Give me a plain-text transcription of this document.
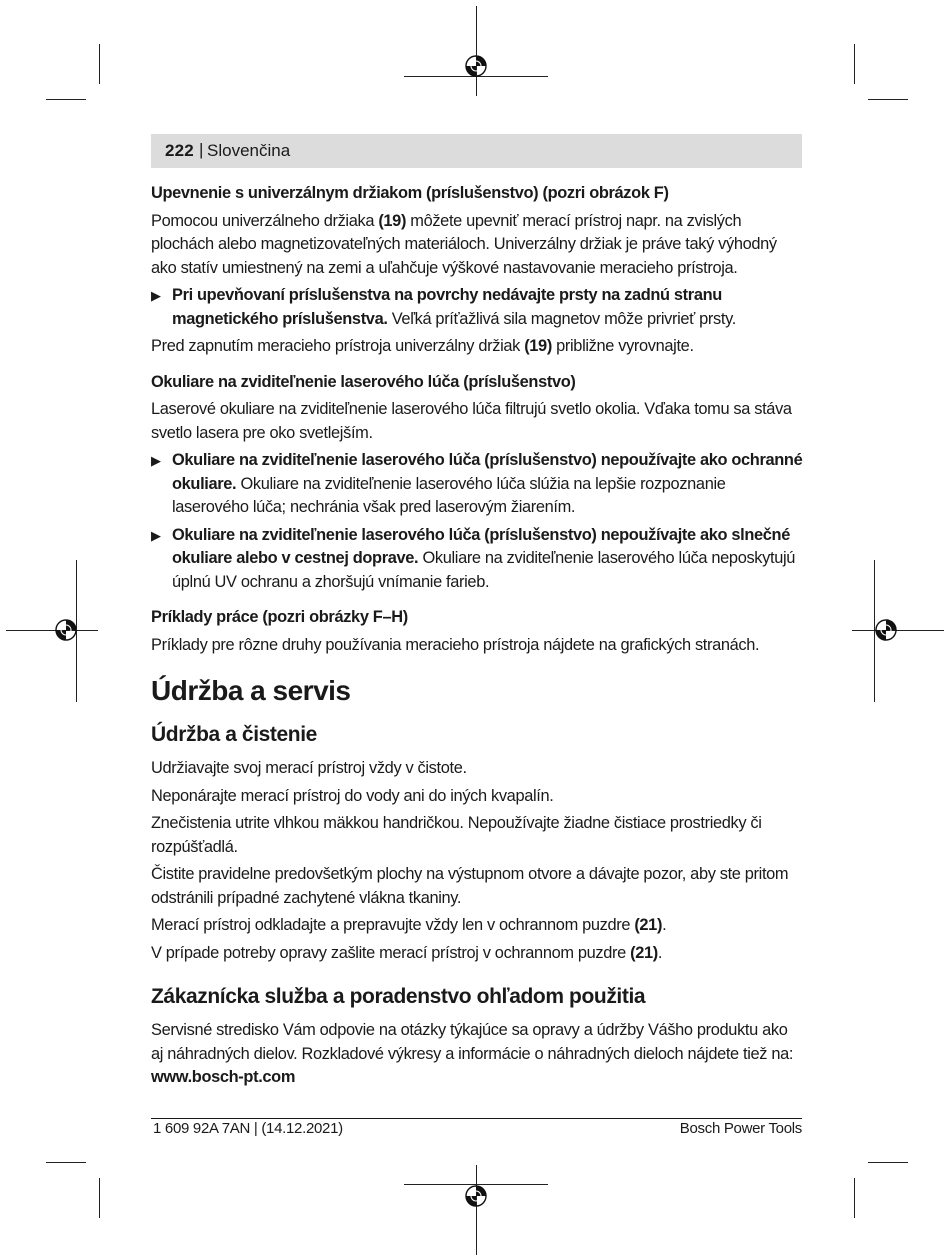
222 | Slovenčina
Upevnenie s univerzálnym držiakom (príslušenstvo) (pozri obrázok F)

Pomocou univerzálneho držiaka (19) môžete upevniť merací prístroj napr. na zvislých plochách alebo magnetizovateľných materiáloch. Univerzálny držiak je práve taký výhodný ako statív umiestnený na zemi a uľahčuje výškové nastavovanie meracieho prístroja.

▶ Pri upevňovaní príslušenstva na povrchy nedávajte prsty na zadnú stranu magnetického príslušenstva. Veľká príťažlivá sila magnetov môže privrieť prsty.

Pred zapnutím meracieho prístroja univerzálny držiak (19) približne vyrovnajte.

Okuliare na zviditeľnenie laserového lúča (príslušenstvo)

Laserové okuliare na zviditeľnenie laserového lúča filtrujú svetlo okolia. Vďaka tomu sa stáva svetlo lasera pre oko svetlejším.

▶ Okuliare na zviditeľnenie laserového lúča (príslušenstvo) nepoužívajte ako ochranné okuliare. Okuliare na zviditeľnenie laserového lúča slúžia na lepšie rozpoznanie laserového lúča; nechránia však pred laserovým žiarením.
▶ Okuliare na zviditeľnenie laserového lúča (príslušenstvo) nepoužívajte ako slnečné okuliare alebo v cestnej doprave. Okuliare na zviditeľnenie laserového lúča neposkytujú úplnú UV ochranu a zhoršujú vnímanie farieb.
Príklady práce (pozri obrázky F–H)

Príklady pre rôzne druhy používania meracieho prístroja nájdete na grafických stranách.

Údržba a servis
Údržba a čistenie

Udržiavajte svoj merací prístroj vždy v čistote.

Neponárajte merací prístroj do vody ani do iných kvapalín.

Znečistenia utrite vlhkou mäkkou handričkou. Nepoužívajte žiadne čistiace prostriedky či rozpúšťadlá.

Čistite pravidelne predovšetkým plochy na výstupnom otvore a dávajte pozor, aby ste pritom odstránili prípadné zachytené vlákna tkaniny.

Merací prístroj odkladajte a prepravujte vždy len v ochrannom puzdre (21).

V prípade potreby opravy zašlite merací prístroj v ochrannom puzdre (21).

Zákaznícka služba a poradenstvo ohľadom použitia

Servisné stredisko Vám odpovie na otázky týkajúce sa opravy a údržby Vášho produktu ako aj náhradných dielov. Rozkladové výkresy a informácie o náhradných dieloch nájdete tiež na: www.bosch-pt.com

1 609 92A 7AN | (14.12.2021)	Bosch Power Tools
